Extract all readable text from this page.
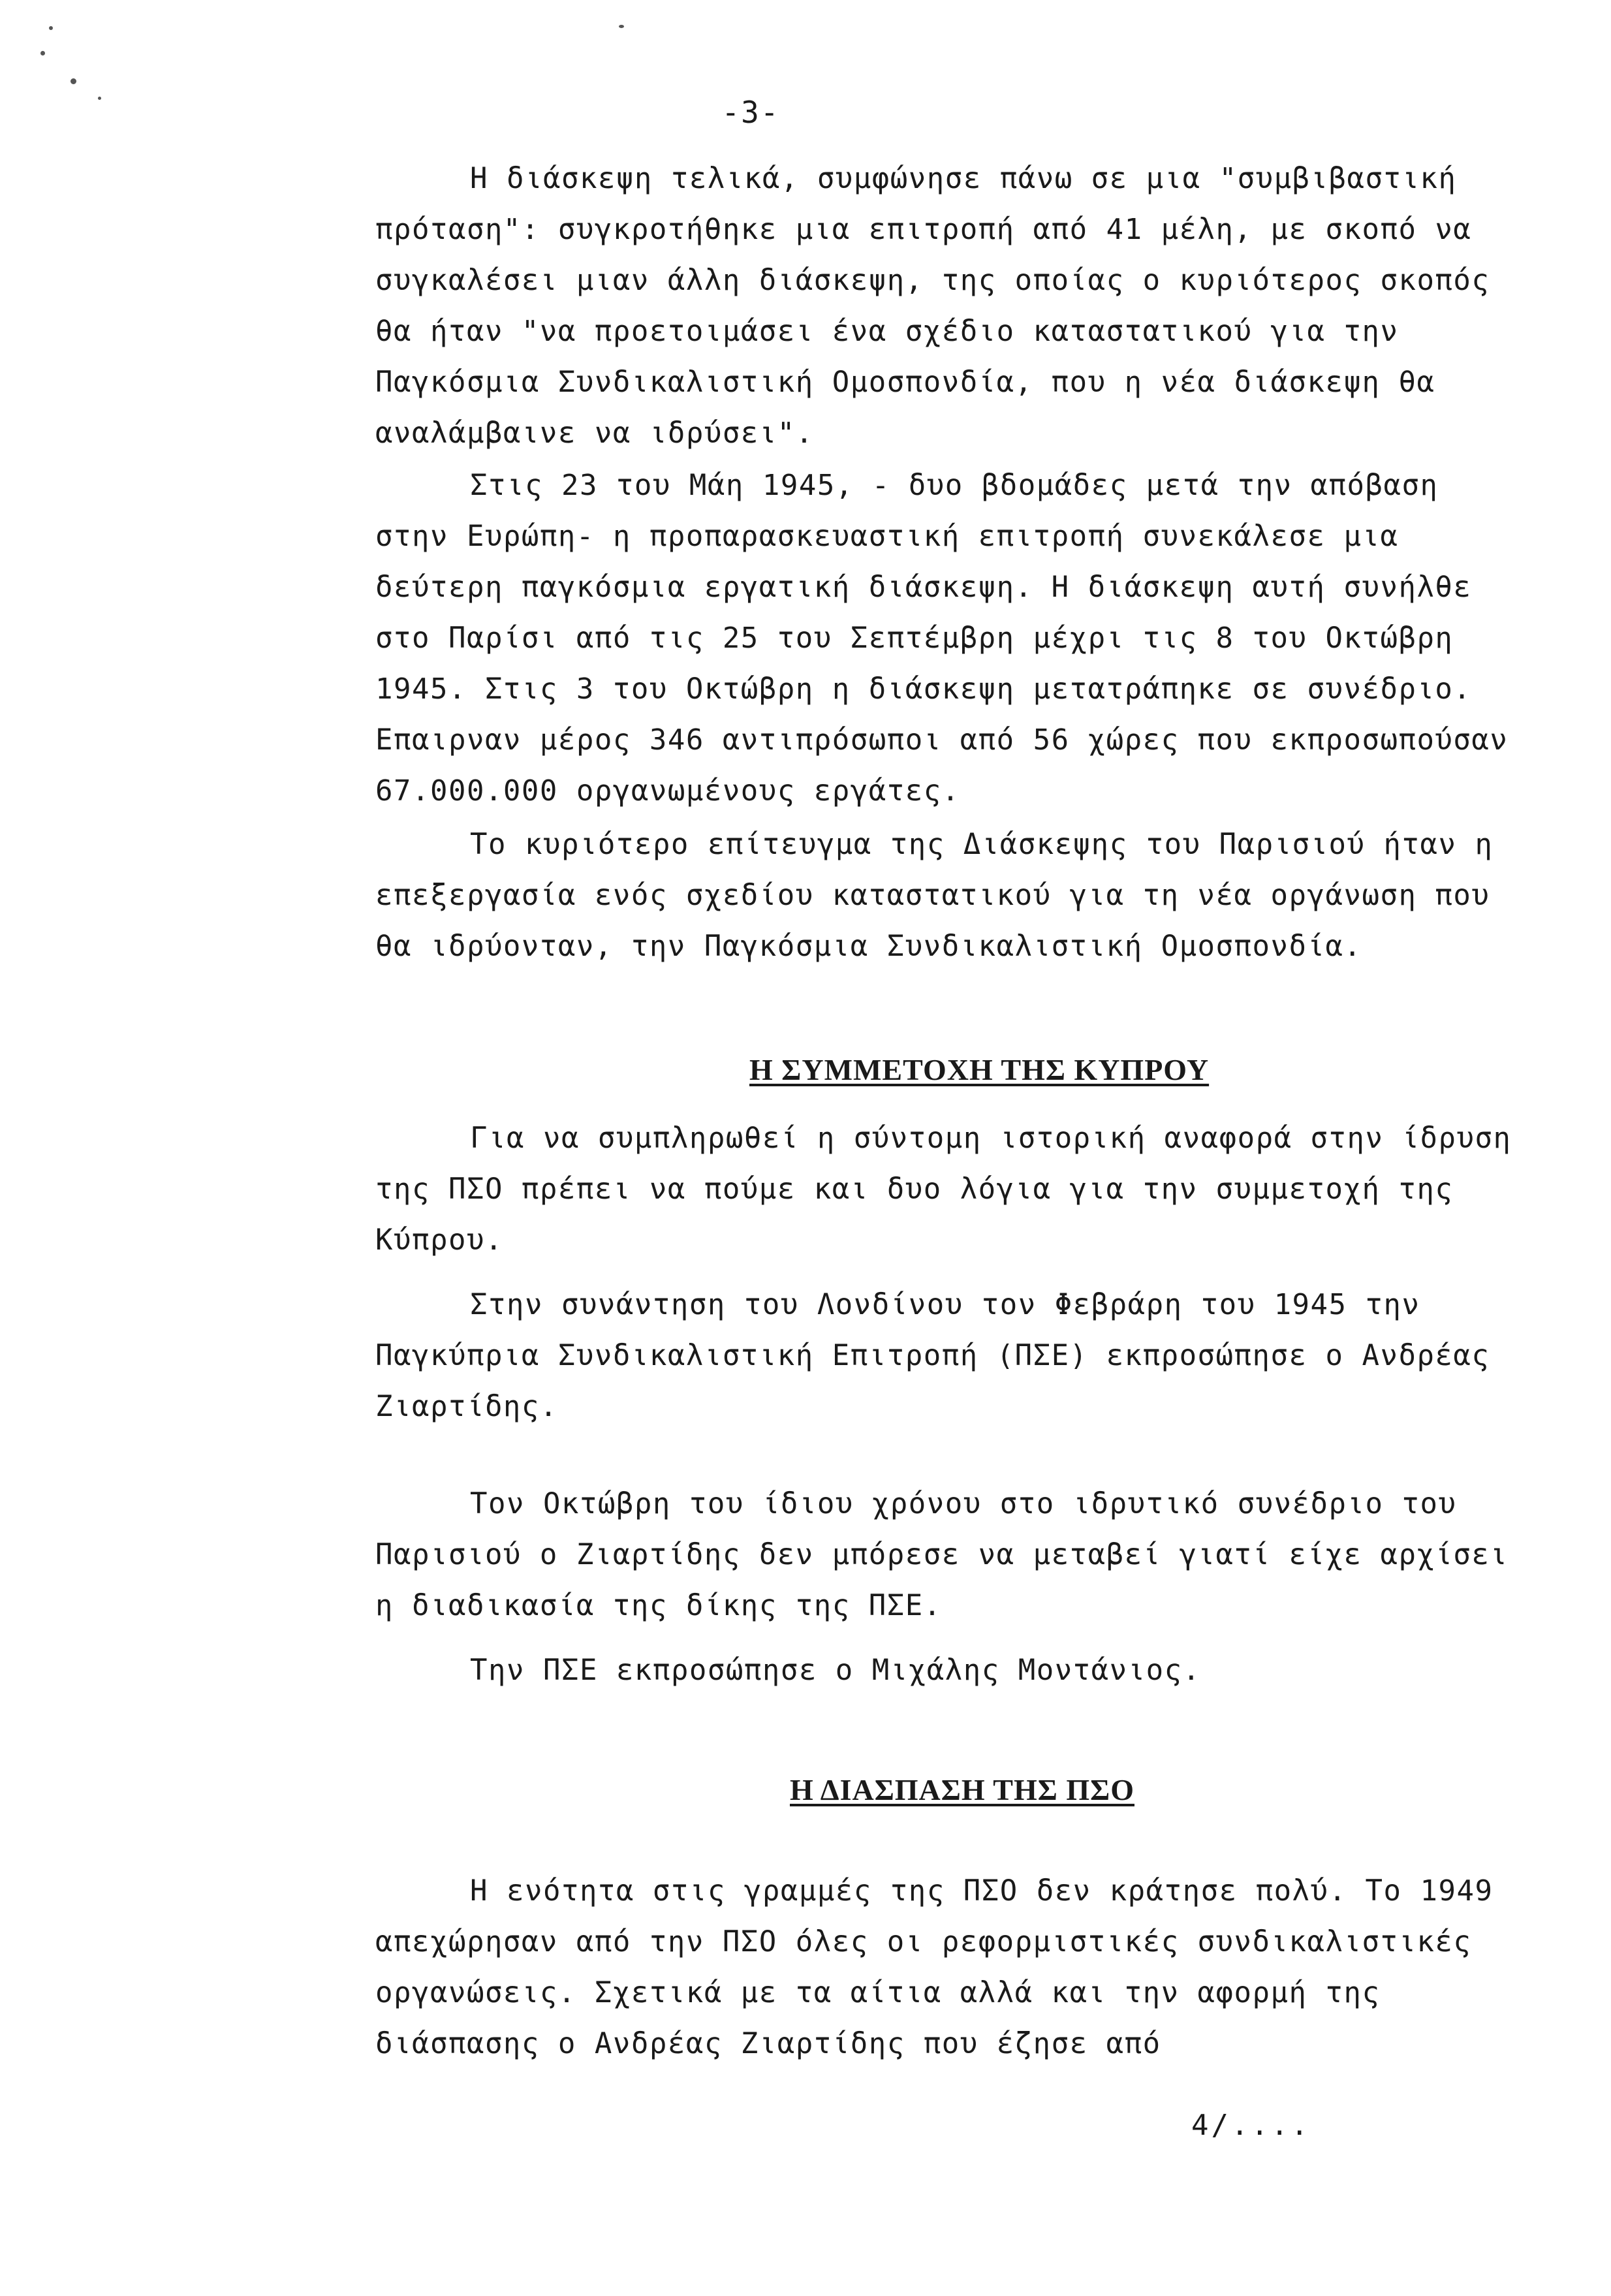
-3-

Η διάσκεψη τελικά, συμφώνησε πάνω σε μια "συμβιβαστική πρόταση": συγκροτήθηκε μια επιτροπή από 41 μέλη, με σκοπό να συγκαλέσει μιαν άλλη διάσκεψη, της οποίας ο κυριότερος σκοπός θα ήταν "να προετοιμάσει ένα σχέδιο καταστατικού για την Παγκόσμια Συνδικαλιστική Ομοσπονδία, που η νέα διάσκεψη θα αναλάμβαινε να ιδρύσει".

Στις 23 του Μάη 1945, - δυο βδομάδες μετά την απόβαση στην Ευρώπη- η προπαρασκευαστική επιτροπή συνεκάλεσε μια δεύτερη παγκόσμια εργατική διάσκεψη. Η διάσκεψη αυτή συνήλθε στο Παρίσι από τις 25 του Σεπτέμβρη μέχρι τις 8 του Οκτώβρη 1945. Στις 3 του Οκτώβρη η διάσκεψη μετατράπηκε σε συνέδριο. Επαιρναν μέρος 346 αντιπρόσωποι από 56 χώρες που εκπροσωπούσαν 67.000.000 οργανωμένους εργάτες.

Το κυριότερο επίτευγμα της Διάσκεψης του Παρισιού ήταν η επεξεργασία ενός σχεδίου καταστατικού για τη νέα οργάνωση που θα ιδρύονταν, την Παγκόσμια Συνδικαλιστική Ομοσπονδία.

Η ΣΥΜΜΕΤΟΧΗ ΤΗΣ ΚΥΠΡΟΥ

Για να συμπληρωθεί η σύντομη ιστορική αναφορά στην ίδρυση της ΠΣΟ πρέπει να πούμε και δυο λόγια για την συμμετοχή της Κύπρου.

Στην συνάντηση του Λονδίνου τον Φεβράρη του 1945 την Παγκύπρια Συνδικαλιστική Επιτροπή (ΠΣΕ) εκπροσώπησε ο Ανδρέας Ζιαρτίδης.

Τον Οκτώβρη του ίδιου χρόνου στο ιδρυτικό συνέδριο του Παρισιού ο Ζιαρτίδης δεν μπόρεσε να μεταβεί γιατί είχε αρχίσει η διαδικασία της δίκης της ΠΣΕ.

Την ΠΣΕ εκπροσώπησε ο Μιχάλης Μοντάνιος.

Η ΔΙΑΣΠΑΣΗ ΤΗΣ ΠΣΟ

Η ενότητα στις γραμμές της ΠΣΟ δεν κράτησε πολύ. Το 1949 απεχώρησαν από την ΠΣΟ όλες οι ρεφορμιστικές συνδικαλιστικές οργανώσεις. Σχετικά με τα αίτια αλλά και την αφορμή της διάσπασης ο Ανδρέας Ζιαρτίδης που έζησε από

4/....
